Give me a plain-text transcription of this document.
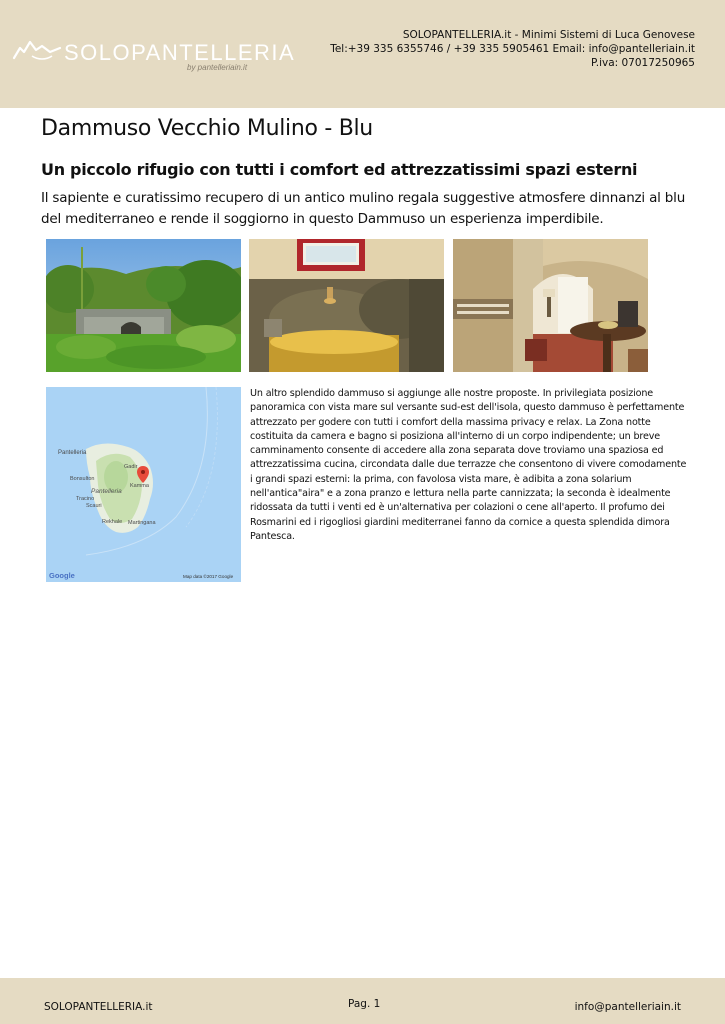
SOLOPANTELLERIA
by pantelleriain.it
SOLOPANTELLERIA.it - Minimi Sistemi di Luca Genovese
Tel:+39 335 6355746 / +39 335 5905461 Email: info@pantelleriain.it
P.iva: 07017250965
Dammuso Vecchio Mulino - Blu
Un piccolo rifugio con tutti i comfort ed attrezzatissimi spazi esterni

Il sapiente e curatissimo recupero di un antico mulino regala suggestive atmosfere dinnanzi al blu del mediterraneo e rende il soggiorno in questo Dammuso un esperienza imperdibile.

Pantelleria
Gadir
Kamma
Bonsulton
Pantelleria
Tracino
Scauri
Rekhale Martingana
Google	Map data ©2017 Google

Un altro splendido dammuso si aggiunge alle nostre proposte. In privilegiata posizione panoramica con vista mare sul versante sud-est dell'isola, questo dammuso è perfettamente attrezzato per godere con tutti i comfort della massima privacy e relax. La Zona notte costituita da camera e bagno si posiziona all'interno di un corpo indipendente; un breve camminamento consente di accedere alla zona separata dove troviamo una spaziosa ed attrezzatissima cucina, circondata dalle due terrazze che consentono di vivere comodamente i grandi spazi esterni: la prima, con favolosa vista mare, è adibita a zona solarium nell'antica"aira" e a zona pranzo e lettura nella parte cannizzata; la seconda è idealmente ridossata da tutti i venti ed è un'alternativa per colazioni o cene all'aperto. Il profumo dei Rosmarini ed i rigogliosi giardini mediterranei fanno da cornice a questa splendida dimora Pantesca.

SOLOPANTELLERIA.it	Pag. 1	info@pantelleriain.it
